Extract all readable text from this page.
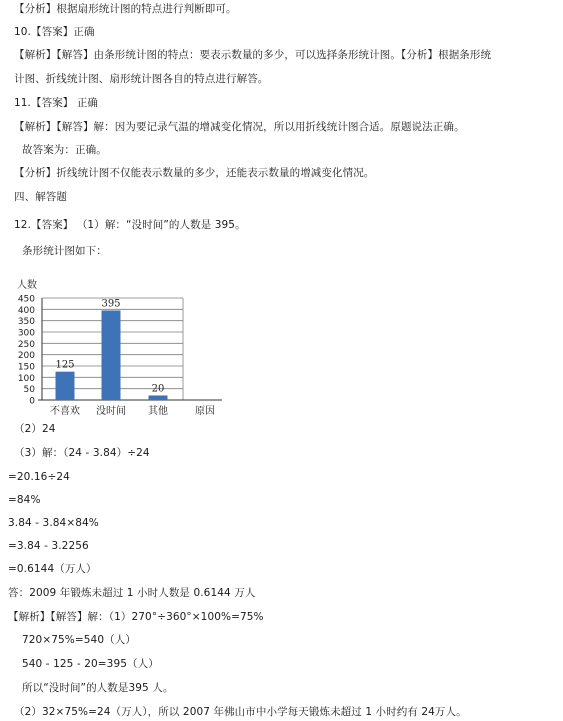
【分析】根据扇形统计图的特点进行判断即可。
10.【答案】正确
【解析】【解答】由条形统计图的特点：要表示数量的多少，可以选择条形统计图。【分析】根据条形统
计图、折线统计图、扇形统计图各自的特点进行解答。
11.【答案】 正确
【解析】【解答】解：因为要记录气温的增减变化情况，所以用折线统计图合适。原题说法正确。
故答案为：正确。
【分析】折线统计图不仅能表示数量的多少，还能表示数量的增减变化情况。
四、解答题
12.【答案】 （1）解：“没时间”的人数是 395。
条形统计图如下：
人数
0
50
100
150
200
250
300
350
400
450
125
不喜欢
395
没时间
20
其他	原因
（2）24
（3）解：（24 - 3.84）÷24
=20.16÷24
=84%
3.84 - 3.84×84%
=3.84 - 3.2256
=0.6144（万人）
答：2009 年锻炼未超过 1 小时人数是 0.6144 万人
【解析】【解答】解：（1）270°÷360°×100%=75%
720×75%=540（人）
540 - 125 - 20=395（人）
所以“没时间”的人数是395 人。
（2）32×75%=24（万人），所以 2007 年佛山市中小学每天锻炼未超过 1 小时约有 24万人。
